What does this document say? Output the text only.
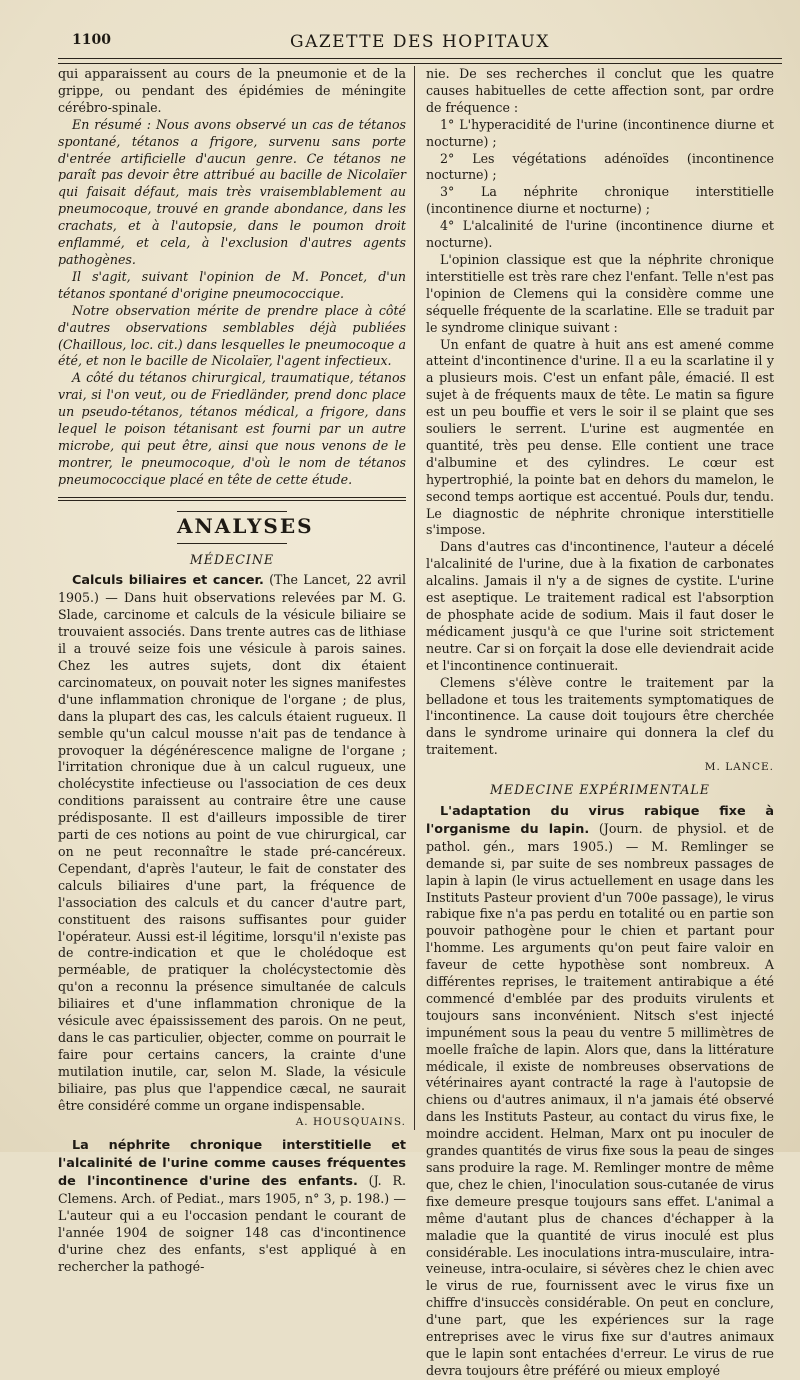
1100	GAZETTE DES HOPITAUX

qui apparaissent au cours de la pneumonie et de la grippe, ou pendant des épidémies de méningite cérébro-spinale.

En résumé : Nous avons observé un cas de tétanos spontané, tétanos a frigore, survenu sans porte d'entrée artificielle d'aucun genre. Ce tétanos ne paraît pas devoir être attribué au bacille de Nicolaïer qui faisait défaut, mais très vraisemblablement au pneumocoque, trouvé en grande abondance, dans les crachats, et à l'autopsie, dans le poumon droit enflammé, et cela, à l'exclusion d'autres agents pathogènes.

Il s'agit, suivant l'opinion de M. Poncet, d'un tétanos spontané d'origine pneumococcique.

Notre observation mérite de prendre place à côté d'autres observations semblables déjà publiées (Chaillous, loc. cit.) dans lesquelles le pneumocoque a été, et non le bacille de Nicolaïer, l'agent infectieux.

A côté du tétanos chirurgical, traumatique, tétanos vrai, si l'on veut, ou de Friedländer, prend donc place un pseudo-tétanos, tétanos médical, a frigore, dans lequel le poison tétanisant est fourni par un autre microbe, qui peut être, ainsi que nous venons de le montrer, le pneumocoque, d'où le nom de tétanos pneumococcique placé en tête de cette étude.

ANALYSES
MÉDECINE

Calculs biliaires et cancer. (The Lancet, 22 avril 1905.) — Dans huit observations relevées par M. G. Slade, carcinome et calculs de la vésicule biliaire se trouvaient associés. Dans trente autres cas de lithiase il a trouvé seize fois une vésicule à parois saines. Chez les autres sujets, dont dix étaient carcinomateux, on pouvait noter les signes manifestes d'une inflammation chronique de l'organe ; de plus, dans la plupart des cas, les calculs étaient rugueux. Il semble qu'un calcul mousse n'ait pas de tendance à provoquer la dégénérescence maligne de l'organe ; l'irritation chronique due à un calcul rugueux, une cholécystite infectieuse ou l'association de ces deux conditions paraissent au contraire être une cause prédisposante. Il est d'ailleurs impossible de tirer parti de ces notions au point de vue chirurgical, car on ne peut reconnaître le stade pré-cancéreux. Cependant, d'après l'auteur, le fait de constater des calculs biliaires d'une part, la fréquence de l'association des calculs et du cancer d'autre part, constituent des raisons suffisantes pour guider l'opérateur. Aussi est-il légitime, lorsqu'il n'existe pas de contre-indication et que le cholédoque est perméable, de pratiquer la cholécystectomie dès qu'on a reconnu la présence simultanée de calculs biliaires et d'une inflammation chronique de la vésicule avec épaississement des parois. On ne peut, dans le cas particulier, objecter, comme on pourrait le faire pour certains cancers, la crainte d'une mutilation inutile, car, selon M. Slade, la vésicule biliaire, pas plus que l'appendice cæcal, ne saurait être considéré comme un organe indispensable.

A. HOUSQUAINS.

La néphrite chronique interstitielle et l'alcalinité de l'urine comme causes fréquentes de l'incontinence d'urine des enfants. (J. R. Clemens. Arch. of Pediat., mars 1905, n° 3, p. 198.) — L'auteur qui a eu l'occasion pendant le courant de l'année 1904 de soigner 148 cas d'incontinence d'urine chez des enfants, s'est appliqué à en rechercher la pathogé-

nie. De ses recherches il conclut que les quatre causes habituelles de cette affection sont, par ordre de fréquence :

1° L'hyperacidité de l'urine (incontinence diurne et nocturne) ;

2° Les végétations adénoïdes (incontinence nocturne) ;

3° La néphrite chronique interstitielle (incontinence diurne et nocturne) ;

4° L'alcalinité de l'urine (incontinence diurne et nocturne).

L'opinion classique est que la néphrite chronique interstitielle est très rare chez l'enfant. Telle n'est pas l'opinion de Clemens qui la considère comme une séquelle fréquente de la scarlatine. Elle se traduit par le syndrome clinique suivant :

Un enfant de quatre à huit ans est amené comme atteint d'incontinence d'urine. Il a eu la scarlatine il y a plusieurs mois. C'est un enfant pâle, émacié. Il est sujet à de fréquents maux de tête. Le matin sa figure est un peu bouffie et vers le soir il se plaint que ses souliers le serrent. L'urine est augmentée en quantité, très peu dense. Elle contient une trace d'albumine et des cylindres. Le cœur est hypertrophié, la pointe bat en dehors du mamelon, le second temps aortique est accentué. Pouls dur, tendu. Le diagnostic de néphrite chronique interstitielle s'impose.

Dans d'autres cas d'incontinence, l'auteur a décelé l'alcalinité de l'urine, due à la fixation de carbonates alcalins. Jamais il n'y a de signes de cystite. L'urine est aseptique. Le traitement radical est l'absorption de phosphate acide de sodium. Mais il faut doser le médicament jusqu'à ce que l'urine soit strictement neutre. Car si on forçait la dose elle deviendrait acide et l'incontinence continuerait.

Clemens s'élève contre le traitement par la belladone et tous les traitements symptomatiques de l'incontinence. La cause doit toujours être cherchée dans le syndrome urinaire qui donnera la clef du traitement.

M. LANCE.
MEDECINE EXPÉRIMENTALE

L'adaptation du virus rabique fixe à l'organisme du lapin. (Journ. de physiol. et de pathol. gén., mars 1905.) — M. Remlinger se demande si, par suite de ses nombreux passages de lapin à lapin (le virus actuellement en usage dans les Instituts Pasteur provient d'un 700e passage), le virus rabique fixe n'a pas perdu en totalité ou en partie son pouvoir pathogène pour le chien et partant pour l'homme. Les arguments qu'on peut faire valoir en faveur de cette hypothèse sont nombreux. A différentes reprises, le traitement antirabique a été commencé d'emblée par des produits virulents et toujours sans inconvénient. Nitsch s'est injecté impunément sous la peau du ventre 5 millimètres de moelle fraîche de lapin. Alors que, dans la littérature médicale, il existe de nombreuses observations de vétérinaires ayant contracté la rage à l'autopsie de chiens ou d'autres animaux, il n'a jamais été observé dans les Instituts Pasteur, au contact du virus fixe, le moindre accident. Helman, Marx ont pu inoculer de grandes quantités de virus fixe sous la peau de singes sans produire la rage. M. Remlinger montre de même que, chez le chien, l'inoculation sous-cutanée de virus fixe demeure presque toujours sans effet. L'animal a même d'autant plus de chances d'échapper à la maladie que la quantité de virus inoculé est plus considérable. Les inoculations intra-musculaire, intra-veineuse, intra-oculaire, si sévères chez le chien avec le virus de rue, fournissent avec le virus fixe un chiffre d'insuccès considérable. On peut en conclure, d'une part, que les expériences sur la rage entreprises avec le virus fixe sur d'autres animaux que le lapin sont entachées d'erreur. Le virus de rue devra toujours être préféré ou mieux employé
